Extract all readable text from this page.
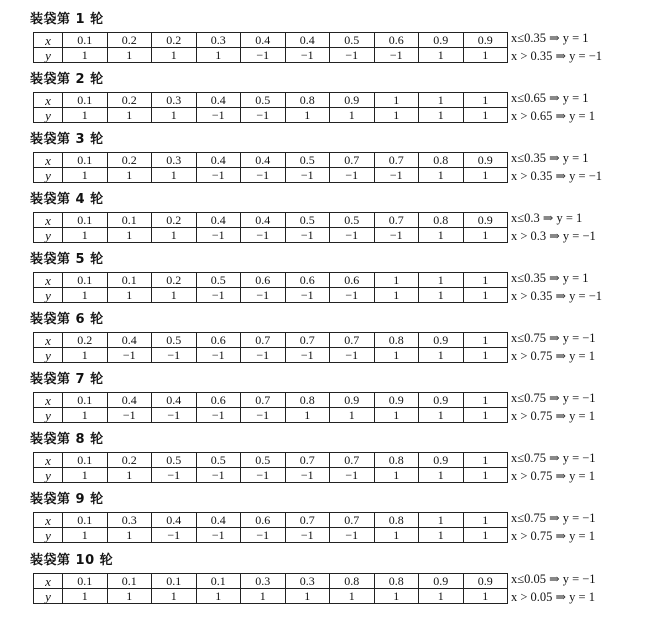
装袋第 1 轮
x	0.1	0.2	0.2	0.3	0.4	0.4	0.5	0.6	0.9	0.9
y	1	1	1	1	−1	−1	−1	−1	1	1
x≤0.35 ⇒ y = 1
x > 0.35 ⇒ y = −1
装袋第 2 轮
x	0.1	0.2	0.3	0.4	0.5	0.8	0.9	1	1	1
y	1	1	1	−1	−1	1	1	1	1	1
x≤0.65 ⇒ y = 1
x > 0.65 ⇒ y = 1
装袋第 3 轮
x	0.1	0.2	0.3	0.4	0.4	0.5	0.7	0.7	0.8	0.9
y	1	1	1	−1	−1	−1	−1	−1	1	1
x≤0.35 ⇒ y = 1
x > 0.35 ⇒ y = −1
装袋第 4 轮
x	0.1	0.1	0.2	0.4	0.4	0.5	0.5	0.7	0.8	0.9
y	1	1	1	−1	−1	−1	−1	−1	1	1
x≤0.3 ⇒ y = 1
x > 0.3 ⇒ y = −1
装袋第 5 轮
x	0.1	0.1	0.2	0.5	0.6	0.6	0.6	1	1	1
y	1	1	1	−1	−1	−1	−1	1	1	1
x≤0.35 ⇒ y = 1
x > 0.35 ⇒ y = −1
装袋第 6 轮
x	0.2	0.4	0.5	0.6	0.7	0.7	0.7	0.8	0.9	1
y	1	−1	−1	−1	−1	−1	−1	1	1	1
x≤0.75 ⇒ y = −1
x > 0.75 ⇒ y = 1
装袋第 7 轮
x	0.1	0.4	0.4	0.6	0.7	0.8	0.9	0.9	0.9	1
y	1	−1	−1	−1	−1	1	1	1	1	1
x≤0.75 ⇒ y = −1
x > 0.75 ⇒ y = 1
装袋第 8 轮
x	0.1	0.2	0.5	0.5	0.5	0.7	0.7	0.8	0.9	1
y	1	1	−1	−1	−1	−1	−1	1	1	1
x≤0.75 ⇒ y = −1
x > 0.75 ⇒ y = 1
装袋第 9 轮
x	0.1	0.3	0.4	0.4	0.6	0.7	0.7	0.8	1	1
y	1	1	−1	−1	−1	−1	−1	1	1	1
x≤0.75 ⇒ y = −1
x > 0.75 ⇒ y = 1
装袋第 10 轮
x	0.1	0.1	0.1	0.1	0.3	0.3	0.8	0.8	0.9	0.9
y	1	1	1	1	1	1	1	1	1	1
x≤0.05 ⇒ y = −1
x > 0.05 ⇒ y = 1
